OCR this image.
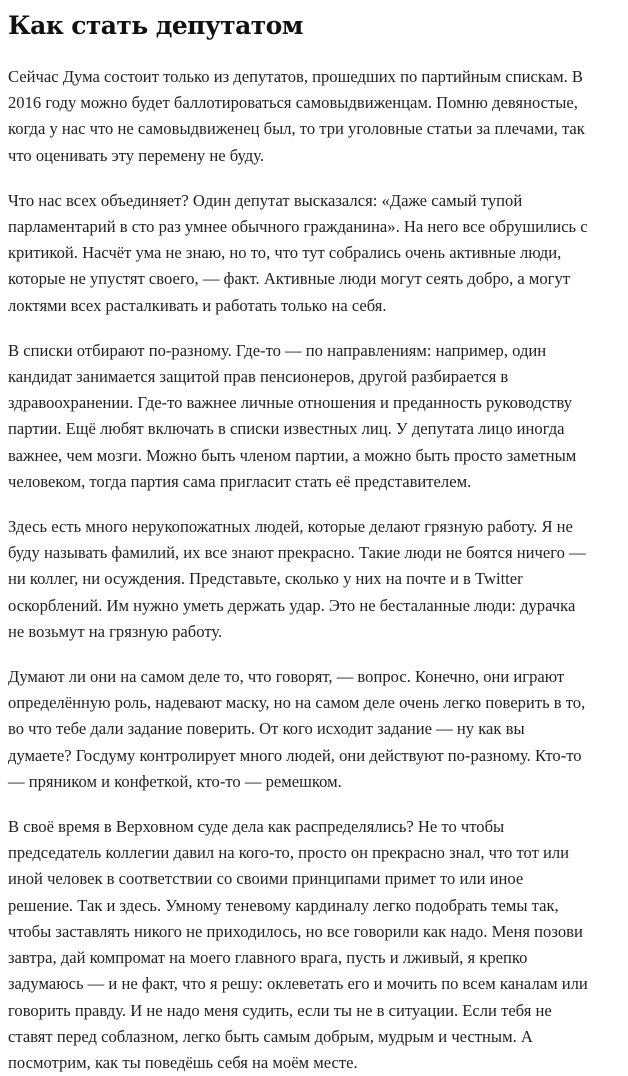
Как стать депутатом

Сейчас Дума состоит только из депутатов, прошедших по партийным спискам. В
2016 году можно будет баллотироваться самовыдвиженцам. Помню девяностые,
когда у нас что не самовыдвиженец был, то три уголовные статьи за плечами, так
что оценивать эту перемену не буду.

Что нас всех объединяет? Один депутат высказался: «Даже самый тупой
парламентарий в сто раз умнее обычного гражданина». На него все обрушились с
критикой. Насчёт ума не знаю, но то, что тут собрались очень активные люди,
которые не упустят своего, — факт. Активные люди могут сеять добро, а могут
локтями всех расталкивать и работать только на себя.

В списки отбирают по-разному. Где-то — по направлениям: например, один
кандидат занимается защитой прав пенсионеров, другой разбирается в
здравоохранении. Где-то важнее личные отношения и преданность руководству
партии. Ещё любят включать в списки известных лиц. У депутата лицо иногда
важнее, чем мозги. Можно быть членом партии, а можно быть просто заметным
человеком, тогда партия сама пригласит стать её представителем.

Здесь есть много нерукопожатных людей, которые делают грязную работу. Я не
буду называть фамилий, их все знают прекрасно. Такие люди не боятся ничего —
ни коллег, ни осуждения. Представьте, сколько у них на почте и в Twitter
оскорблений. Им нужно уметь держать удар. Это не бесталанные люди: дурачка
не возьмут на грязную работу.

Думают ли они на самом деле то, что говорят, — вопрос. Конечно, они играют
определённую роль, надевают маску, но на самом деле очень легко поверить в то,
во что тебе дали задание поверить. От кого исходит задание — ну как вы
думаете? Госдуму контролирует много людей, они действуют по-разному. Кто-то
— пряником и конфеткой, кто-то — ремешком.

В своё время в Верховном суде дела как распределялись? Не то чтобы
председатель коллегии давил на кого-то, просто он прекрасно знал, что тот или
иной человек в соответствии со своими принципами примет то или иное
решение. Так и здесь. Умному теневому кардиналу легко подобрать темы так,
чтобы заставлять никого не приходилось, но все говорили как надо. Меня позови
завтра, дай компромат на моего главного врага, пусть и лживый, я крепко
задумаюсь — и не факт, что я решу: оклеветать его и мочить по всем каналам или
говорить правду. И не надо меня судить, если ты не в ситуации. Если тебя не
ставят перед соблазном, легко быть самым добрым, мудрым и честным. А
посмотрим, как ты поведёшь себя на моём месте.
